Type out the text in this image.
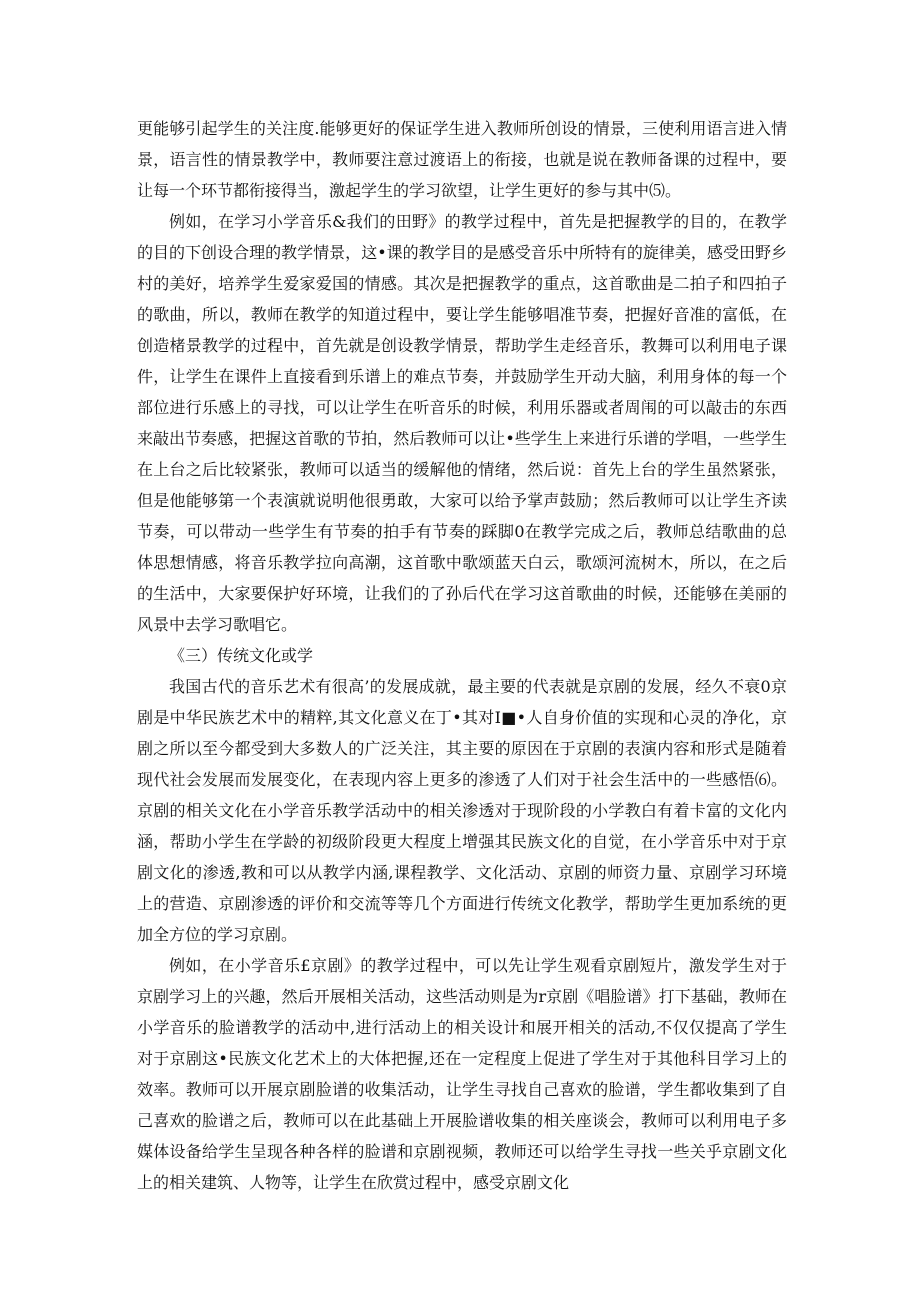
更能够引起学生的关注度.能够更好的保证学生进入教师所创设的情景，三使利用语言进入情景，语言性的情景教学中，教师要注意过渡语上的衔接，也就是说在教师备课的过程中，要让每一个环节都衔接得当，激起学生的学习欲望，让学生更好的参与其中⑸。

例如，在学习小学音乐&我们的田野》的教学过程中，首先是把握教学的目的，在教学的目的下创设合理的教学情景，这•课的教学目的是感受音乐中所特有的旋律美，感受田野乡村的美好，培养学生爱家爱国的情感。其次是把握教学的重点，这首歌曲是二拍子和四拍子的歌曲，所以，教师在教学的知道过程中，要让学生能够唱准节奏，把握好音准的富低，在创造楮景教学的过程中，首先就是创设教学情景，帮助学生走经音乐，教舞可以利用电子课件，让学生在课件上直接看到乐谱上的难点节奏，并鼓励学生开动大脑，利用身体的每一个部位进行乐感上的寻找，可以让学生在听音乐的时候，利用乐器或者周闱的可以敲击的东西来敲出节奏感，把握这首歌的节拍，然后教师可以让•些学生上来进行乐谱的学唱，一些学生在上台之后比较紧张，教师可以适当的缓解他的情绪，然后说：首先上台的学生虽然紧张，但是他能够第一个表演就说明他很勇敢，大家可以给予掌声鼓励；然后教师可以让学生齐读节奏，可以带动一些学生有节奏的拍手有节奏的踩脚0在教学完成之后，教师总结歌曲的总体思想情感，将音乐教学拉向高潮，这首歌中歌颂蓝天白云，歌颂河流树木，所以，在之后的生活中，大家要保护好环境，让我们的了孙后代在学习这首歌曲的时候，还能够在美丽的风景中去学习歌唱它。

《三）传统文化或学

我国古代的音乐艺术有很高’的发展成就，最主要的代表就是京剧的发展，经久不衰0京剧是中华民族艺术中的精粹,其文化意义在丁•其对I■•人自身价值的实现和心灵的净化，京剧之所以至今都受到大多数人的广泛关注，其主要的原因在于京剧的表演内容和形式是随着现代社会发展而发展变化，在表现内容上更多的渗透了人们对于社会生活中的一些感悟⑹。京剧的相关文化在小学音乐教学活动中的相关渗透对于现阶段的小学教白有着卡富的文化内涵，帮助小学生在学龄的初级阶段更大程度上增强其民族文化的自觉，在小学音乐中对于京剧文化的渗透,教和可以从教学内涵,课程教学、文化活动、京剧的师资力量、京剧学习环境上的营造、京剧渗透的评价和交流等等几个方面进行传统文化教学，帮助学生更加系统的更加全方位的学习京剧。

例如，在小学音乐£京剧》的教学过程中，可以先让学生观看京剧短片，激发学生对于京剧学习上的兴趣，然后开展相关活动，这些活动则是为r京剧《唱脸谱》打下基础，教师在小学音乐的脸谱教学的活动中,进行活动上的相关设计和展开相关的活动,不仅仅提高了学生对于京剧这•民族文化艺术上的大体把握,还在一定程度上促进了学生对于其他科目学习上的效率。教师可以开展京剧脸谱的收集活动，让学生寻找自己喜欢的脸谱，学生都收集到了自己喜欢的脸谱之后，教师可以在此基础上开展脸谱收集的相关座谈会，教师可以利用电子多媒体设备给学生呈现各种各样的脸谱和京剧视频，教师还可以给学生寻找一些关乎京剧文化上的相关建筑、人物等，让学生在欣赏过程中，感受京剧文化
